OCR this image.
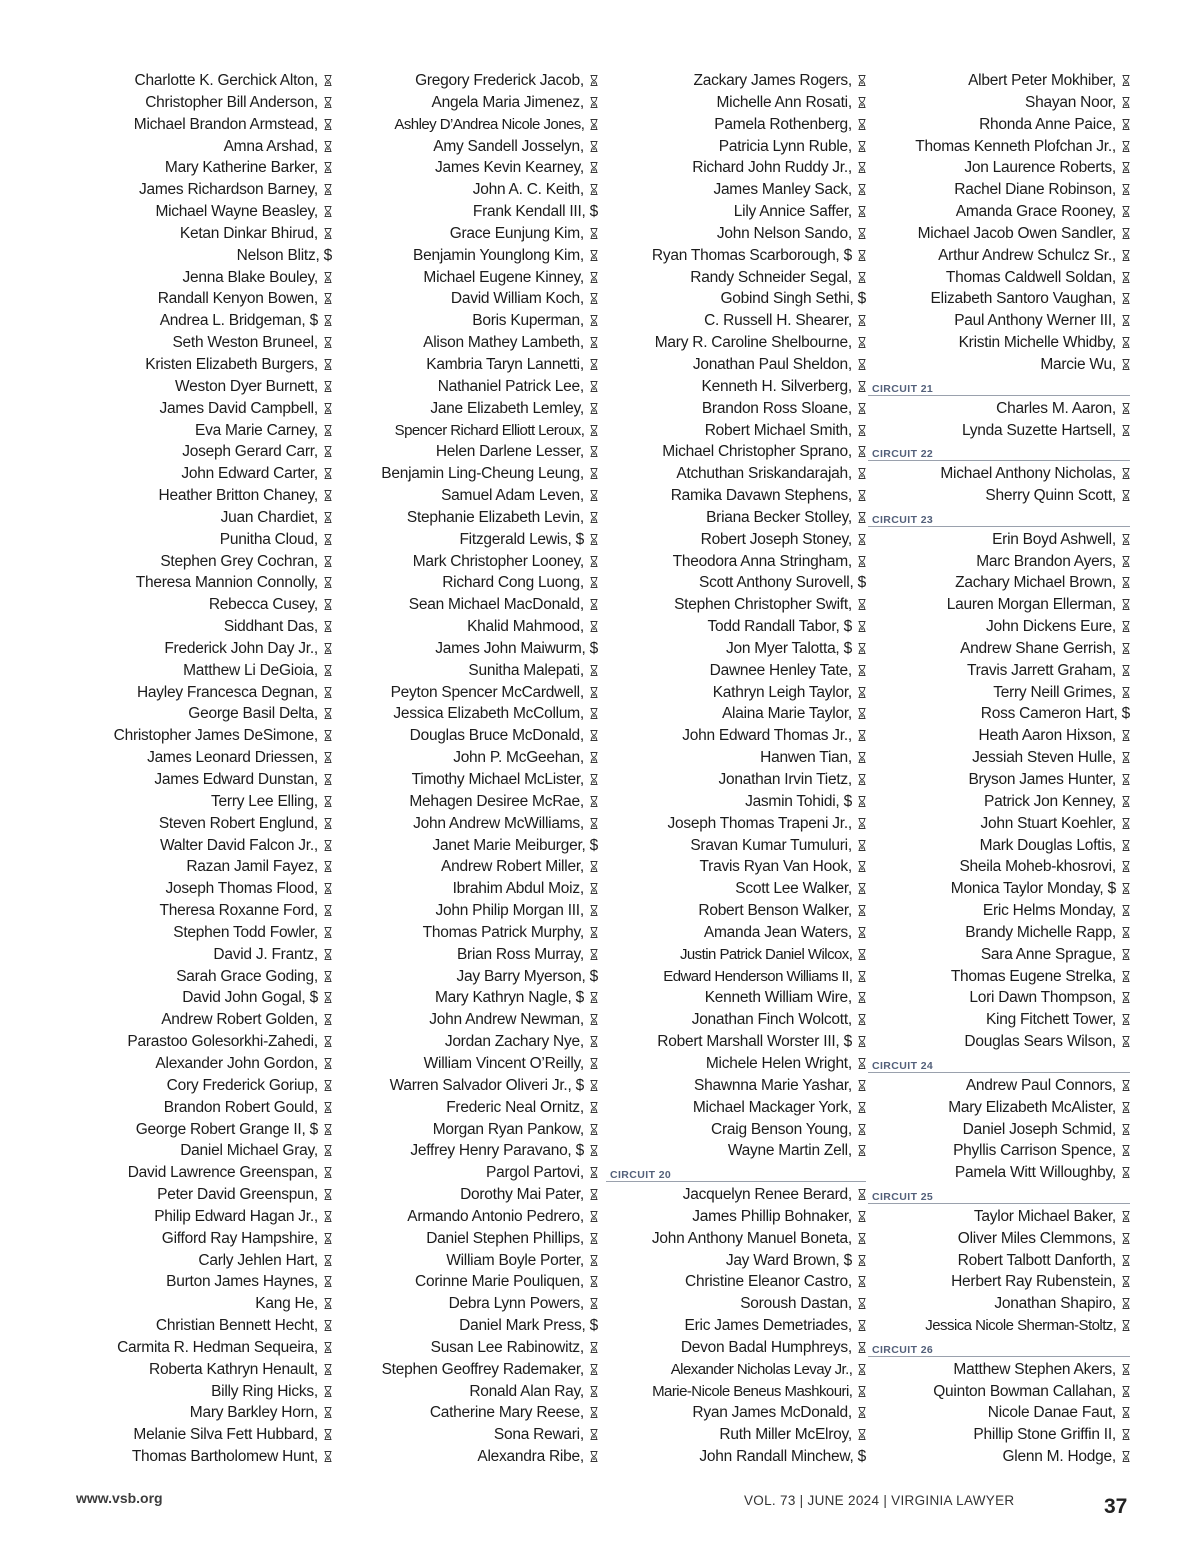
Charlotte K. Gerchick Alton,
Christopher Bill Anderson,
Michael Brandon Armstead,
Amna Arshad,
Mary Katherine Barker,
James Richardson Barney,
Michael Wayne Beasley,
Ketan Dinkar Bhirud,
Nelson Blitz, $
Jenna Blake Bouley,
Randall Kenyon Bowen,
Andrea L. Bridgeman, $
Seth Weston Bruneel,
Kristen Elizabeth Burgers,
Weston Dyer Burnett,
James David Campbell,
Eva Marie Carney,
Joseph Gerard Carr,
John Edward Carter,
Heather Britton Chaney,
Juan Chardiet,
Punitha Cloud,
Stephen Grey Cochran,
Theresa Mannion Connolly,
Rebecca Cusey,
Siddhant Das,
Frederick John Day Jr.,
Matthew Li DeGioia,
Hayley Francesca Degnan,
George Basil Delta,
Christopher James DeSimone,
James Leonard Driessen,
James Edward Dunstan,
Terry Lee Elling,
Steven Robert Englund,
Walter David Falcon Jr.,
Razan Jamil Fayez,
Joseph Thomas Flood,
Theresa Roxanne Ford,
Stephen Todd Fowler,
David J. Frantz,
Sarah Grace Goding,
David John Gogal, $
Andrew Robert Golden,
Parastoo Golesorkhi-Zahedi,
Alexander John Gordon,
Cory Frederick Goriup,
Brandon Robert Gould,
George Robert Grange II, $
Daniel Michael Gray,
David Lawrence Greenspan,
Peter David Greenspun,
Philip Edward Hagan Jr.,
Gifford Ray Hampshire,
Carly Jehlen Hart,
Burton James Haynes,
Kang He,
Christian Bennett Hecht,
Carmita R. Hedman Sequeira,
Roberta Kathryn Henault,
Billy Ring Hicks,
Mary Barkley Horn,
Melanie Silva Fett Hubbard,
Thomas Bartholomew Hunt,
Gregory Frederick Jacob,
Angela Maria Jimenez,
Ashley D’Andrea Nicole Jones,
Amy Sandell Josselyn,
James Kevin Kearney,
John A. C. Keith,
Frank Kendall III, $
Grace Eunjung Kim,
Benjamin Younglong Kim,
Michael Eugene Kinney,
David William Koch,
Boris Kuperman,
Alison Mathey Lambeth,
Kambria Taryn Lannetti,
Nathaniel Patrick Lee,
Jane Elizabeth Lemley,
Spencer Richard Elliott Leroux,
Helen Darlene Lesser,
Benjamin Ling-Cheung Leung,
Samuel Adam Leven,
Stephanie Elizabeth Levin,
Fitzgerald Lewis, $
Mark Christopher Looney,
Richard Cong Luong,
Sean Michael MacDonald,
Khalid Mahmood,
James John Maiwurm, $
Sunitha Malepati,
Peyton Spencer McCardwell,
Jessica Elizabeth McCollum,
Douglas Bruce McDonald,
John P. McGeehan,
Timothy Michael McLister,
Mehagen Desiree McRae,
John Andrew McWilliams,
Janet Marie Meiburger, $
Andrew Robert Miller,
Ibrahim Abdul Moiz,
John Philip Morgan III,
Thomas Patrick Murphy,
Brian Ross Murray,
Jay Barry Myerson, $
Mary Kathryn Nagle, $
John Andrew Newman,
Jordan Zachary Nye,
William Vincent O’Reilly,
Warren Salvador Oliveri Jr., $
Frederic Neal Ornitz,
Morgan Ryan Pankow,
Jeffrey Henry Paravano, $
Pargol Partovi,
Dorothy Mai Pater,
Armando Antonio Pedrero,
Daniel Stephen Phillips,
William Boyle Porter,
Corinne Marie Pouliquen,
Debra Lynn Powers,
Daniel Mark Press, $
Susan Lee Rabinowitz,
Stephen Geoffrey Rademaker,
Ronald Alan Ray,
Catherine Mary Reese,
Sona Rewari,
Alexandra Ribe,
Zackary James Rogers,
Michelle Ann Rosati,
Pamela Rothenberg,
Patricia Lynn Ruble,
Richard John Ruddy Jr.,
James Manley Sack,
Lily Annice Saffer,
John Nelson Sando,
Ryan Thomas Scarborough, $
Randy Schneider Segal,
Gobind Singh Sethi, $
C. Russell H. Shearer,
Mary R. Caroline Shelbourne,
Jonathan Paul Sheldon,
Kenneth H. Silverberg,
Brandon Ross Sloane,
Robert Michael Smith,
Michael Christopher Sprano,
Atchuthan Sriskandarajah,
Ramika Davawn Stephens,
Briana Becker Stolley,
Robert Joseph Stoney,
Theodora Anna Stringham,
Scott Anthony Surovell, $
Stephen Christopher Swift,
Todd Randall Tabor, $
Jon Myer Talotta, $
Dawnee Henley Tate,
Kathryn Leigh Taylor,
Alaina Marie Taylor,
John Edward Thomas Jr.,
Hanwen Tian,
Jonathan Irvin Tietz,
Jasmin Tohidi, $
Joseph Thomas Trapeni Jr.,
Sravan Kumar Tumuluri,
Travis Ryan Van Hook,
Scott Lee Walker,
Robert Benson Walker,
Amanda Jean Waters,
Justin Patrick Daniel Wilcox,
Edward Henderson Williams II,
Kenneth William Wire,
Jonathan Finch Wolcott,
Robert Marshall Worster III, $
Michele Helen Wright,
Shawnna Marie Yashar,
Michael Mackager York,
Craig Benson Young,
Wayne Martin Zell,
CIRCUIT 20
Jacquelyn Renee Berard,
James Phillip Bohnaker,
John Anthony Manuel Boneta,
Jay Ward Brown, $
Christine Eleanor Castro,
Soroush Dastan,
Eric James Demetriades,
Devon Badal Humphreys,
Alexander Nicholas Levay Jr.,
Marie-Nicole Beneus Mashkouri,
Ryan James McDonald,
Ruth Miller McElroy,
John Randall Minchew, $
Albert Peter Mokhiber,
Shayan Noor,
Rhonda Anne Paice,
Thomas Kenneth Plofchan Jr.,
Jon Laurence Roberts,
Rachel Diane Robinson,
Amanda Grace Rooney,
Michael Jacob Owen Sandler,
Arthur Andrew Schulcz Sr.,
Thomas Caldwell Soldan,
Elizabeth Santoro Vaughan,
Paul Anthony Werner III,
Kristin Michelle Whidby,
Marcie Wu,
CIRCUIT 21
Charles M. Aaron,
Lynda Suzette Hartsell,
CIRCUIT 22
Michael Anthony Nicholas,
Sherry Quinn Scott,
CIRCUIT 23
Erin Boyd Ashwell,
Marc Brandon Ayers,
Zachary Michael Brown,
Lauren Morgan Ellerman,
John Dickens Eure,
Andrew Shane Gerrish,
Travis Jarrett Graham,
Terry Neill Grimes,
Ross Cameron Hart, $
Heath Aaron Hixson,
Jessiah Steven Hulle,
Bryson James Hunter,
Patrick Jon Kenney,
John Stuart Koehler,
Mark Douglas Loftis,
Sheila Moheb-khosrovi,
Monica Taylor Monday, $
Eric Helms Monday,
Brandy Michelle Rapp,
Sara Anne Sprague,
Thomas Eugene Strelka,
Lori Dawn Thompson,
King Fitchett Tower,
Douglas Sears Wilson,
CIRCUIT 24
Andrew Paul Connors,
Mary Elizabeth McAlister,
Daniel Joseph Schmid,
Phyllis Carrison Spence,
Pamela Witt Willoughby,
CIRCUIT 25
Taylor Michael Baker,
Oliver Miles Clemmons,
Robert Talbott Danforth,
Herbert Ray Rubenstein,
Jonathan Shapiro,
Jessica Nicole Sherman-Stoltz,
CIRCUIT 26
Matthew Stephen Akers,
Quinton Bowman Callahan,
Nicole Danae Faut,
Phillip Stone Griffin II,
Glenn M. Hodge,
www.vsb.org	VOL. 73 | JUNE 2024 | VIRGINIA LAWYER	37
